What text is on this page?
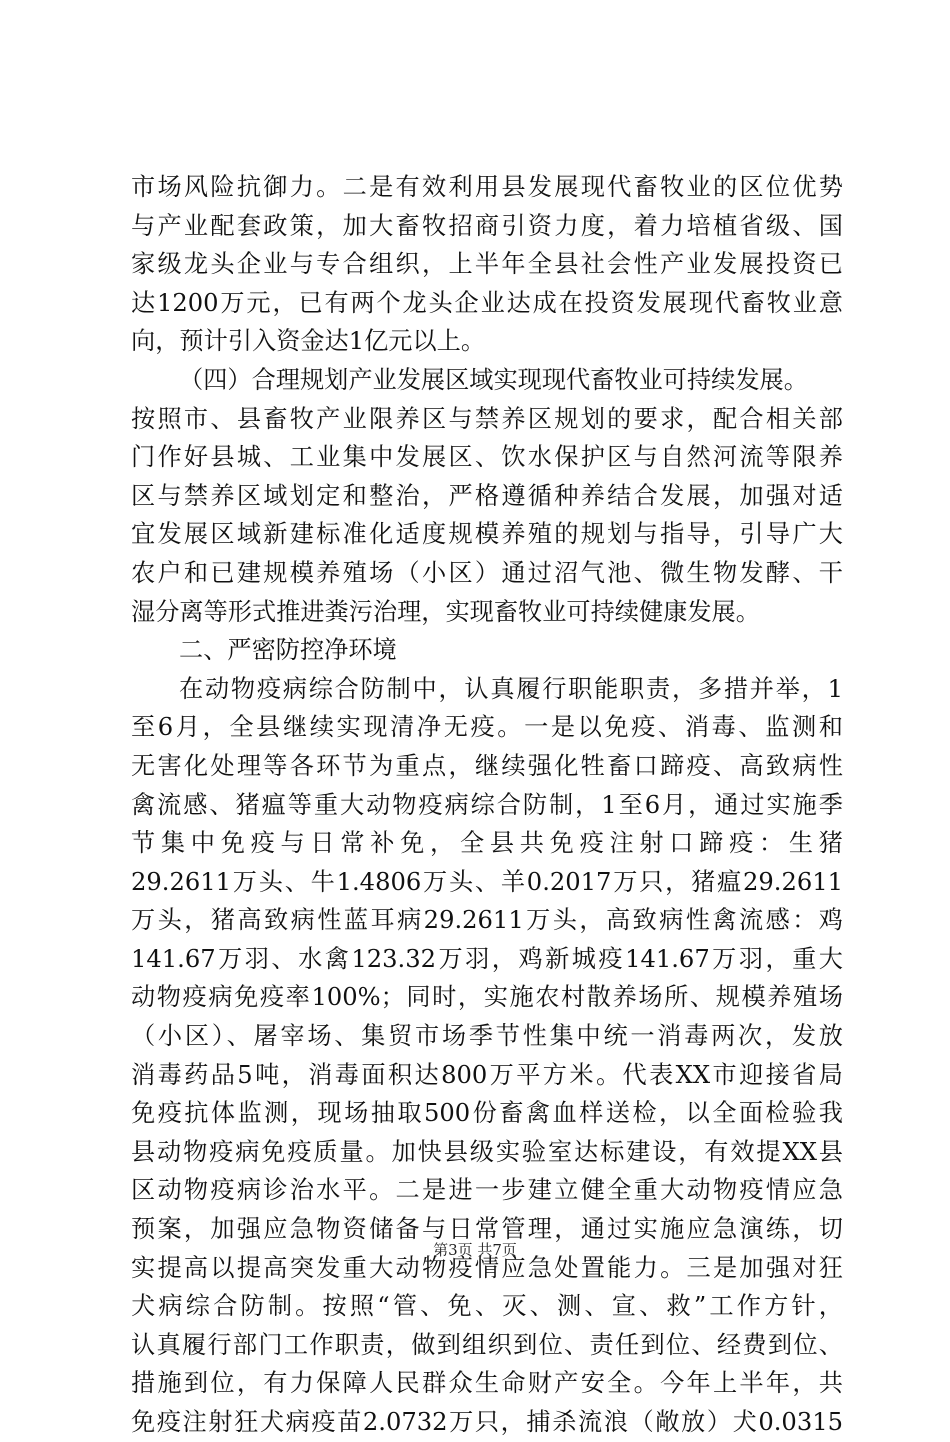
市场风险抗御力。二是有效利用县发展现代畜牧业的区位优势
与产业配套政策，加大畜牧招商引资力度，着力培植省级、国
家级龙头企业与专合组织，上半年全县社会性产业发展投资已
达1200万元，已有两个龙头企业达成在投资发展现代畜牧业意
向，预计引入资金达1亿元以上。
（四）合理规划产业发展区域实现现代畜牧业可持续发展。
按照市、县畜牧产业限养区与禁养区规划的要求，配合相关部
门作好县城、工业集中发展区、饮水保护区与自然河流等限养
区与禁养区域划定和整治，严格遵循种养结合发展，加强对适
宜发展区域新建标准化适度规模养殖的规划与指导，引导广大
农户和已建规模养殖场（小区）通过沼气池、微生物发酵、干
湿分离等形式推进粪污治理，实现畜牧业可持续健康发展。
二、严密防控净环境
在动物疫病综合防制中，认真履行职能职责，多措并举，1
至6月，全县继续实现清净无疫。一是以免疫、消毒、监测和
无害化处理等各环节为重点，继续强化牲畜口蹄疫、高致病性
禽流感、猪瘟等重大动物疫病综合防制，1至6月，通过实施季
节集中免疫与日常补免，全县共免疫注射口蹄疫：生猪
29.2611万头、牛1.4806万头、羊0.2017万只，猪瘟29.2611
万头，猪高致病性蓝耳病29.2611万头，高致病性禽流感：鸡
141.67万羽、水禽123.32万羽，鸡新城疫141.67万羽，重大
动物疫病免疫率100%；同时，实施农村散养场所、规模养殖场
（小区）、屠宰场、集贸市场季节性集中统一消毒两次，发放
消毒药品5吨，消毒面积达800万平方米。代表XX市迎接省局
免疫抗体监测，现场抽取500份畜禽血样送检，以全面检验我
县动物疫病免疫质量。加快县级实验室达标建设，有效提XX县
区动物疫病诊治水平。二是进一步建立健全重大动物疫情应急
预案，加强应急物资储备与日常管理，通过实施应急演练，切
实提高以提高突发重大动物疫情应急处置能力。三是加强对狂
犬病综合防制。按照“管、免、灭、测、宣、救”工作方针，
认真履行部门工作职责，做到组织到位、责任到位、经费到位、
措施到位，有力保障人民群众生命财产安全。今年上半年，共
免疫注射狂犬病疫苗2.0732万只，捕杀流浪（敞放）犬0.0315
第3页 共7页
